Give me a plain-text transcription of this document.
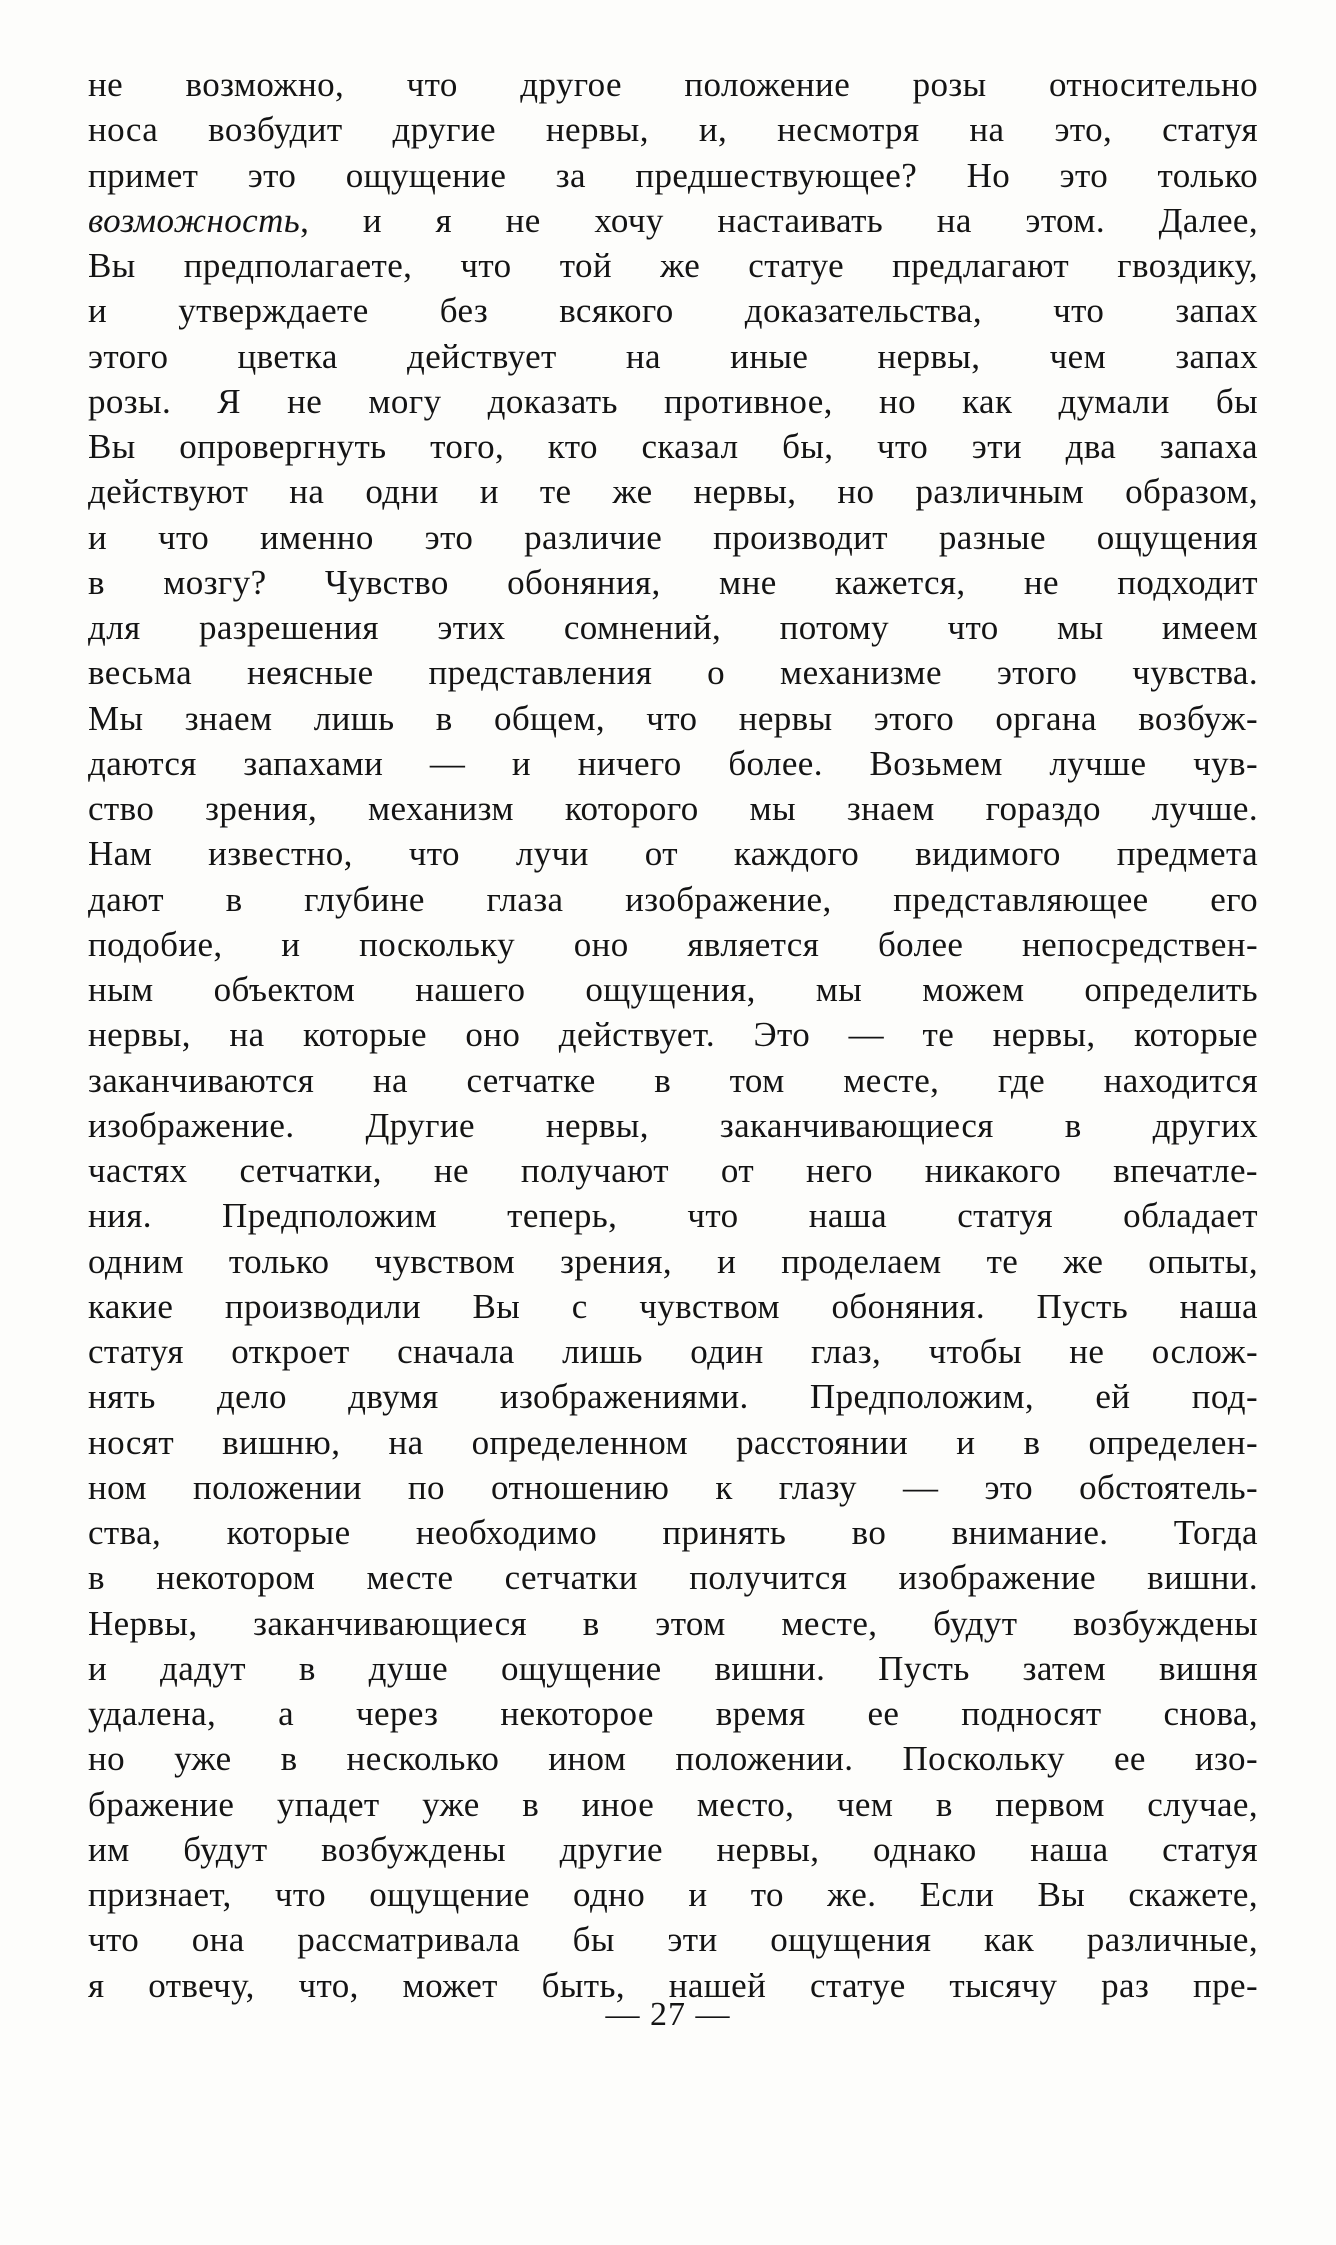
не возможно, что другое положение розы относительно
носа возбудит другие нервы, и, несмотря на это, статуя
примет это ощущение за предшествующее? Но это только
возможность, и я не хочу настаивать на этом. Далее,
Вы предполагаете, что той же статуе предлагают гвоздику,
и утверждаете без всякого доказательства, что запах
этого цветка действует на иные нервы, чем запах
розы. Я не могу доказать противное, но как думали бы
Вы опровергнуть того, кто сказал бы, что эти два запаха
действуют на одни и те же нервы, но различным образом,
и что именно это различие производит разные ощущения
в мозгу? Чувство обоняния, мне кажется, не подходит
для разрешения этих сомнений, потому что мы имеем
весьма неясные представления о механизме этого чувства.
Мы знаем лишь в общем, что нервы этого органа возбуж-
даются запахами — и ничего более. Возьмем лучше чув-
ство зрения, механизм которого мы знаем гораздо лучше.
Нам известно, что лучи от каждого видимого предмета
дают в глубине глаза изображение, представляющее его
подобие, и поскольку оно является более непосредствен-
ным объектом нашего ощущения, мы можем определить
нервы, на которые оно действует. Это — те нервы, которые
заканчиваются на сетчатке в том месте, где находится
изображение. Другие нервы, заканчивающиеся в других
частях сетчатки, не получают от него никакого впечатле-
ния. Предположим теперь, что наша статуя обладает
одним только чувством зрения, и проделаем те же опыты,
какие производили Вы с чувством обоняния. Пусть наша
статуя откроет сначала лишь один глаз, чтобы не ослож-
нять дело двумя изображениями. Предположим, ей под-
носят вишню, на определенном расстоянии и в определен-
ном положении по отношению к глазу — это обстоятель-
ства, которые необходимо принять во внимание. Тогда
в некотором месте сетчатки получится изображение вишни.
Нервы, заканчивающиеся в этом месте, будут возбуждены
и дадут в душе ощущение вишни. Пусть затем вишня
удалена, а через некоторое время ее подносят снова,
но уже в несколько ином положении. Поскольку ее изо-
бражение упадет уже в иное место, чем в первом случае,
им будут возбуждены другие нервы, однако наша статуя
признает, что ощущение одно и то же. Если Вы скажете,
что она рассматривала бы эти ощущения как различные,
я отвечу, что, может быть, нашей статуе тысячу раз пре-
— 27 —
